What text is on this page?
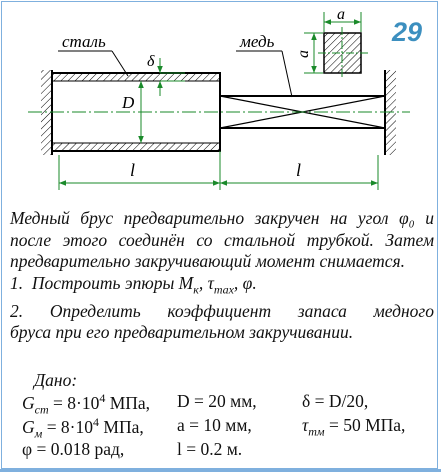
29
сталь	медь
δ
D
l	l
a
a

Медный брус предварительно закручен на угол φ₀ и после этого соединён со стальной трубкой. Затем предварительно закручивающий момент снимается.

1. Построить эпюры $M_к$, $\tau_{max}$, φ.

2. Определить коэффициент запаса медного

бруса при его предварительном закручивании.

Дано:
$G_{ст} = 8\cdot 10^4$ МПа, D = 20 мм,	δ = D/20,
$G_м = 8\cdot 10^4$ МПа, a = 10 мм,	$\tau_{тм} = 50$ МПа,
φ = 0.018 рад,	l = 0.2 м.
